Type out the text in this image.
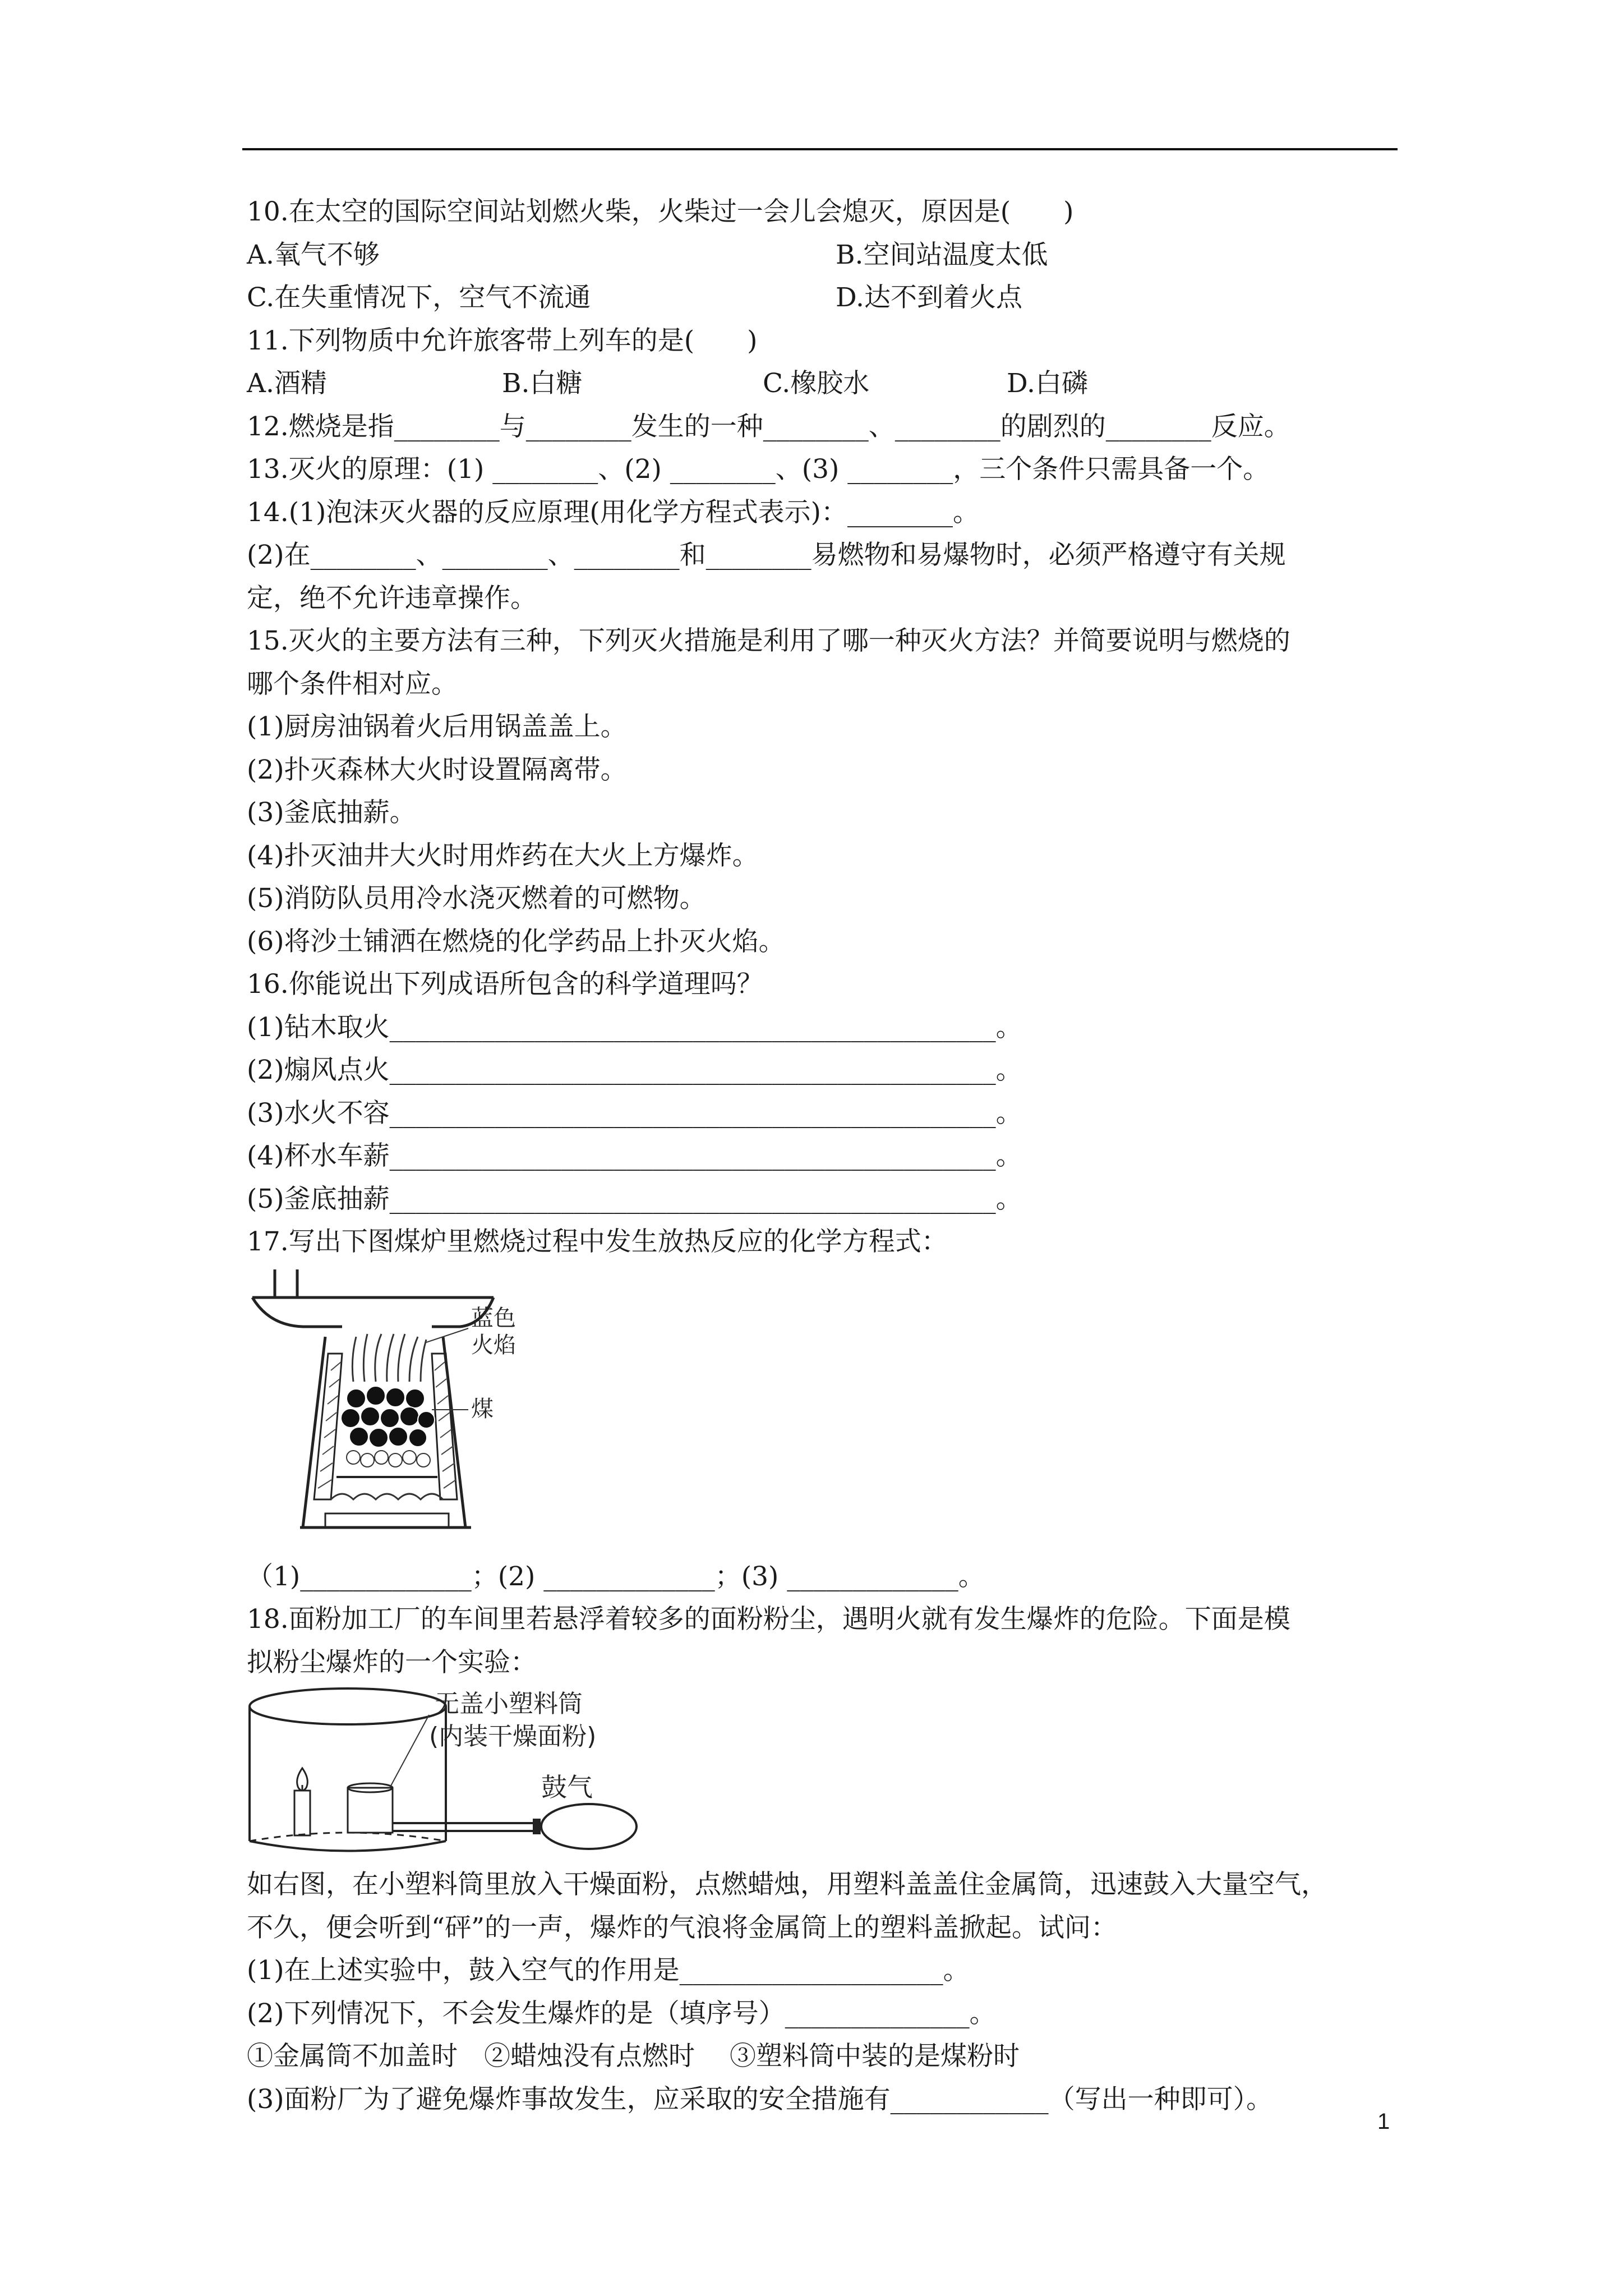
10.在太空的国际空间站划燃火柴，火柴过一会儿会熄灭，原因是(　　)
A.氧气不够	B.空间站温度太低
C.在失重情况下，空气不流通	D.达不到着火点
11.下列物质中允许旅客带上列车的是(　　)
A.酒精	B.白糖	C.橡胶水	D.白磷
12.燃烧是指________与________发生的一种________、________的剧烈的________反应。
13.灭火的原理：(1) ________、(2) ________、(3) ________，三个条件只需具备一个。
14.(1)泡沫灭火器的反应原理(用化学方程式表示)：________。
(2)在________、________、________和________易燃物和易爆物时，必须严格遵守有关规
定，绝不允许违章操作。
15.灭火的主要方法有三种，下列灭火措施是利用了哪一种灭火方法？并简要说明与燃烧的
哪个条件相对应。
(1)厨房油锅着火后用锅盖盖上。
(2)扑灭森林大火时设置隔离带。
(3)釜底抽薪。
(4)扑灭油井大火时用炸药在大火上方爆炸。
(5)消防队员用冷水浇灭燃着的可燃物。
(6)将沙土铺洒在燃烧的化学药品上扑灭火焰。
16.你能说出下列成语所包含的科学道理吗？
(1)钻木取火______________________________________________。
(2)煽风点火______________________________________________。
(3)水火不容______________________________________________。
(4)杯水车薪______________________________________________。
(5)釜底抽薪______________________________________________。
17.写出下图煤炉里燃烧过程中发生放热反应的化学方程式：
蓝色
火焰
煤
（1)_____________；(2) _____________；(3) _____________。
18.面粉加工厂的车间里若悬浮着较多的面粉粉尘，遇明火就有发生爆炸的危险。下面是模
拟粉尘爆炸的一个实验：
无盖小塑料筒
(内装干燥面粉)
鼓气
如右图，在小塑料筒里放入干燥面粉，点燃蜡烛，用塑料盖盖住金属筒，迅速鼓入大量空气，
不久，便会听到“砰”的一声，爆炸的气浪将金属筒上的塑料盖掀起。试问：
(1)在上述实验中，鼓入空气的作用是____________________。
(2)下列情况下，不会发生爆炸的是（填序号）______________。
①金属筒不加盖时　②蜡烛没有点燃时　 ③塑料筒中装的是煤粉时
(3)面粉厂为了避免爆炸事故发生，应采取的安全措施有____________（写出一种即可）。
1
